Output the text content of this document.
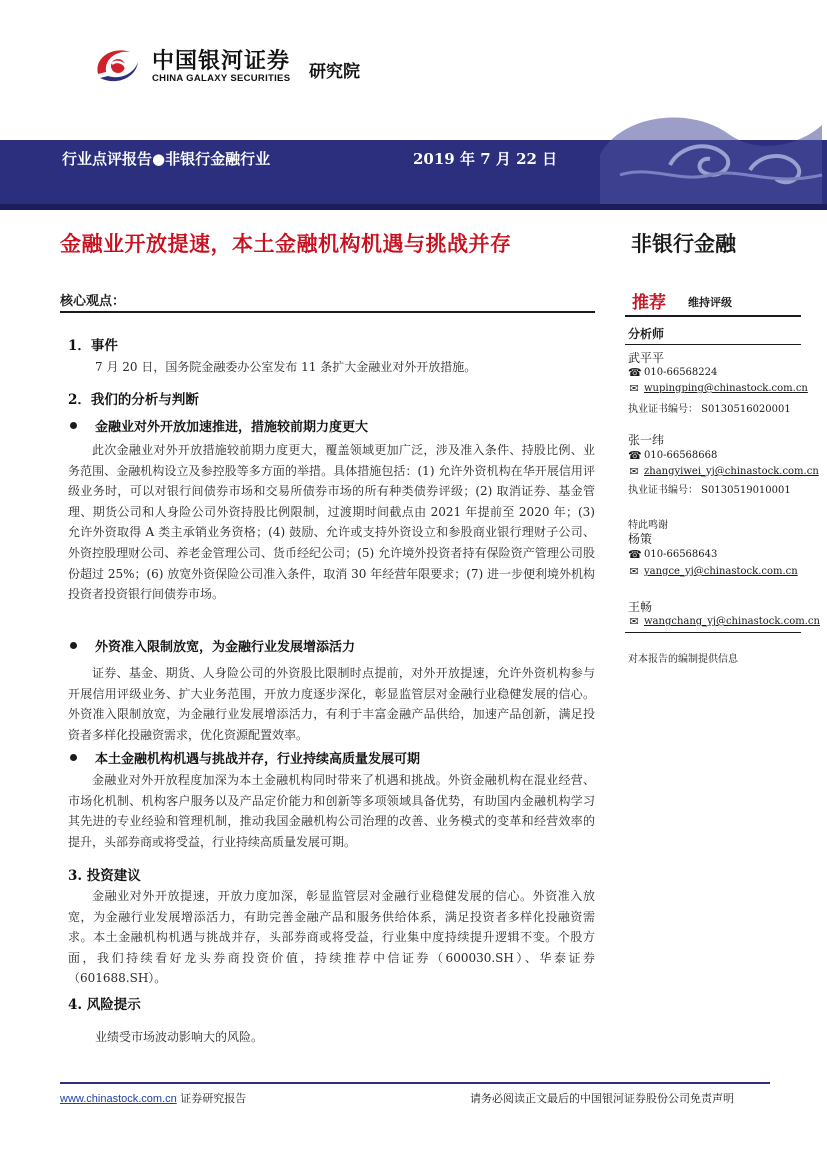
中国银河证券
CHINA GALAXY SECURITIES 研究院
行业点评报告●非银行金融行业	2019 年 7 月 22 日
金融业开放提速，本土金融机构机遇与挑战并存	非银行金融
核心观点：
1．事件
7 月 20 日，国务院金融委办公室发布 11 条扩大金融业对外开放措施。
2．我们的分析与判断
金融业对外开放加速推进，措施较前期力度更大
此次金融业对外开放措施较前期力度更大，覆盖领域更加广泛，涉及准入条件、持股比例、业务范围、金融机构设立及参控股等多方面的举措。具体措施包括：(1) 允许外资机构在华开展信用评级业务时，可以对银行间债券市场和交易所债券市场的所有种类债券评级；(2) 取消证券、基金管理、期货公司和人身险公司外资持股比例限制，过渡期时间截点由 2021 年提前至 2020 年；(3) 允许外资取得 A 类主承销业务资格；(4) 鼓励、允许或支持外资设立和参股商业银行理财子公司、外资控股理财公司、养老金管理公司、货币经纪公司；(5) 允许境外投资者持有保险资产管理公司股份超过 25%；(6) 放宽外资保险公司准入条件，取消 30 年经营年限要求；(7) 进一步便利境外机构投资者投资银行间债券市场。
外资准入限制放宽，为金融行业发展增添活力
证券、基金、期货、人身险公司的外资股比限制时点提前，对外开放提速，允许外资机构参与开展信用评级业务、扩大业务范围，开放力度逐步深化，彰显监管层对金融行业稳健发展的信心。外资准入限制放宽，为金融行业发展增添活力，有利于丰富金融产品供给，加速产品创新，满足投资者多样化投融资需求，优化资源配置效率。
本土金融机构机遇与挑战并存，行业持续高质量发展可期
金融业对外开放程度加深为本土金融机构同时带来了机遇和挑战。外资金融机构在混业经营、市场化机制、机构客户服务以及产品定价能力和创新等多项领域具备优势，有助国内金融机构学习其先进的专业经验和管理机制，推动我国金融机构公司治理的改善、业务模式的变革和经营效率的提升，头部券商或将受益，行业持续高质量发展可期。
3. 投资建议
金融业对外开放提速，开放力度加深，彰显监管层对金融行业稳健发展的信心。外资准入放宽，为金融行业发展增添活力，有助完善金融产品和服务供给体系，满足投资者多样化投融资需求。本土金融机构机遇与挑战并存，头部券商或将受益，行业集中度持续提升逻辑不变。个股方面，我们持续看好龙头券商投资价值，持续推荐中信证券（600030.SH）、华泰证券（601688.SH）。
4. 风险提示
业绩受市场波动影响大的风险。
推荐 维持评级
分析师
武平平
☎ 010-66568224
✉ wupingping@chinastock.com.cn
执业证书编号： S0130516020001
张一纬
☎ 010-66568668
✉ zhangyiwei_yj@chinastock.com.cn
执业证书编号： S0130519010001
特此鸣谢
杨策
☎ 010-66568643
✉ yangce_yj@chinastock.com.cn
王畅
✉ wangchang_yj@chinastock.com.cn
对本报告的编制提供信息
www.chinastock.com.cn 证券研究报告	请务必阅读正文最后的中国银河证券股份公司免责声明
